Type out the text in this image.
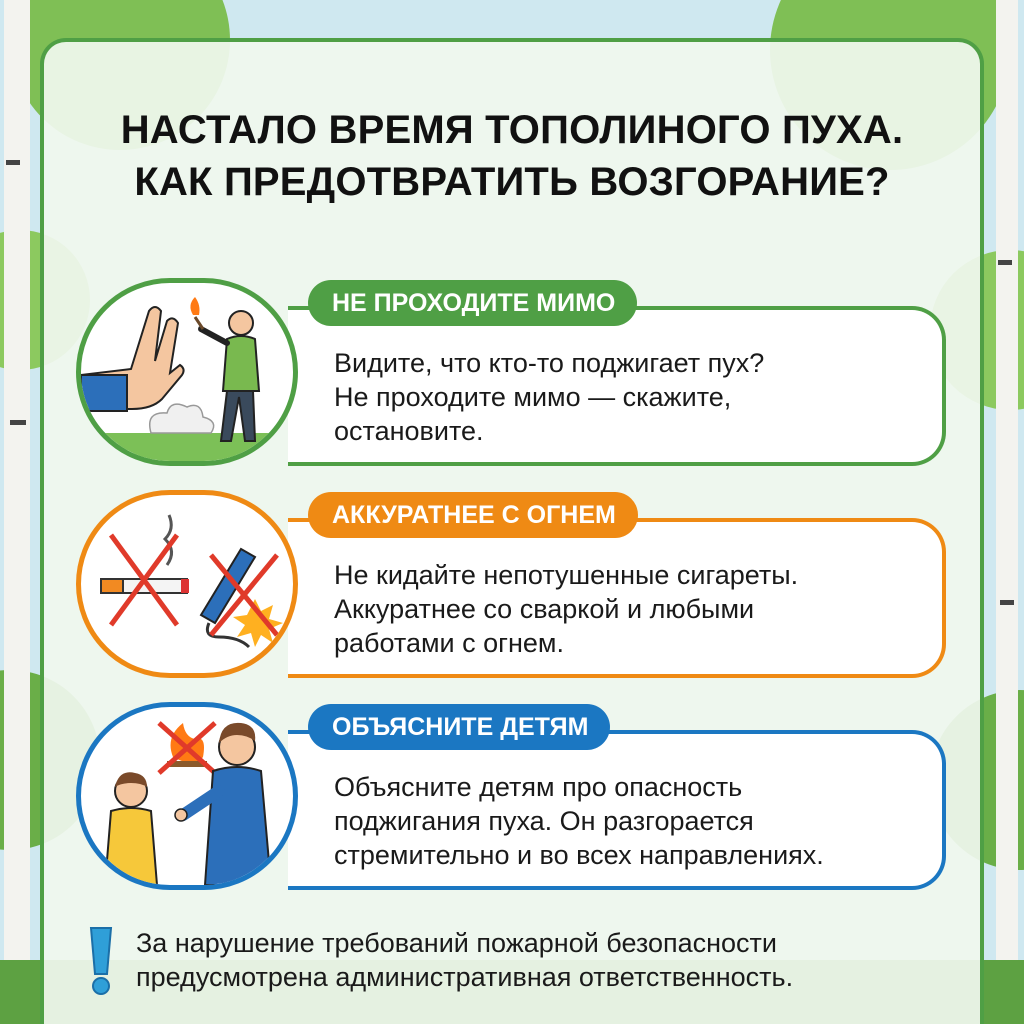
НАСТАЛО ВРЕМЯ ТОПОЛИНОГО ПУХА.
КАК ПРЕДОТВРАТИТЬ ВОЗГОРАНИЕ?
НЕ ПРОХОДИТЕ МИМО
Видите, что кто-то поджигает пух?
Не проходите мимо — скажите,
остановите.
АККУРАТНЕЕ С ОГНЕМ
Не кидайте непотушенные сигареты.
Аккуратнее со сваркой и любыми
работами с огнем.
ОБЪЯСНИТЕ ДЕТЯМ
Объясните детям про опасность
поджигания пуха. Он разгорается
стремительно и во всех направлениях.
За нарушение требований пожарной безопасности
предусмотрена административная ответственность.
